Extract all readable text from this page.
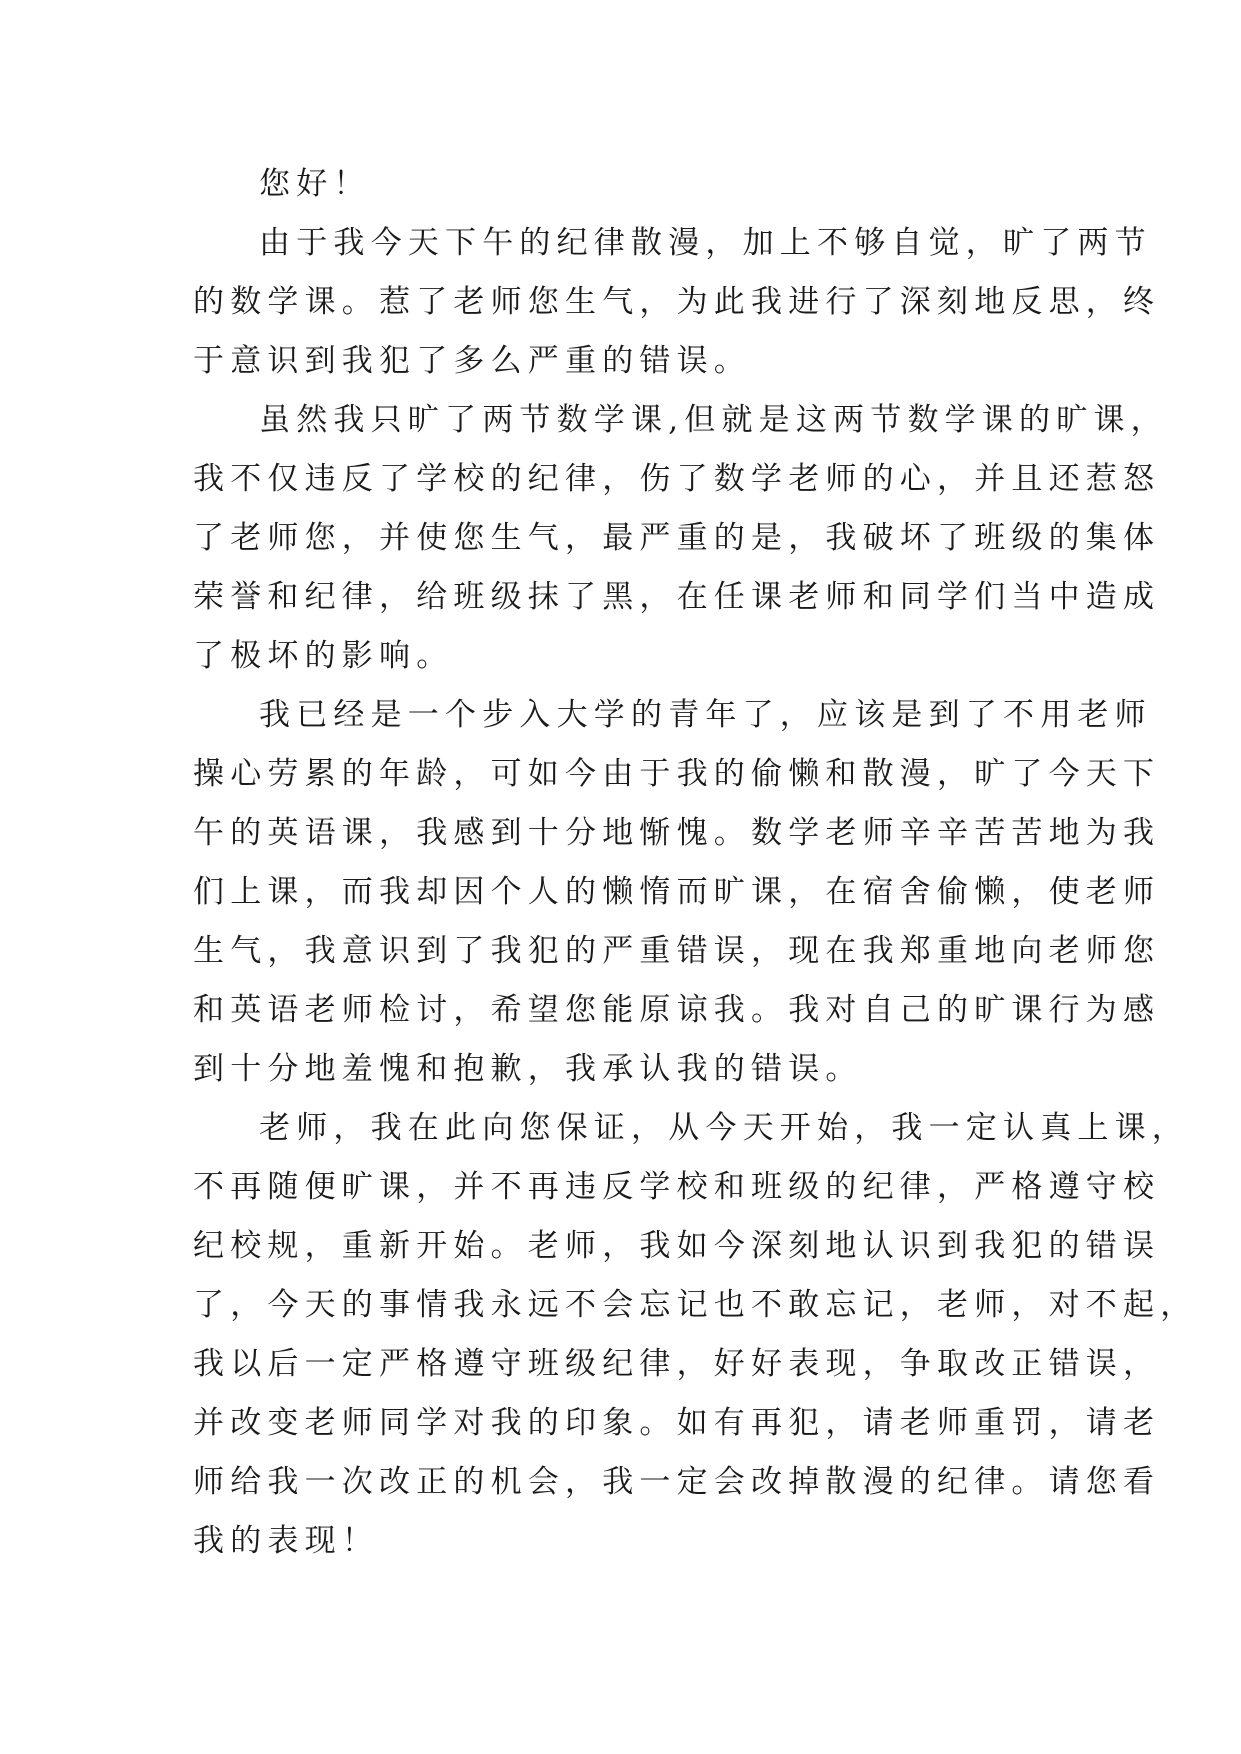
您好！

由于我今天下午的纪律散漫，加上不够自觉，旷了两节
的数学课。惹了老师您生气，为此我进行了深刻地反思，终
于意识到我犯了多么严重的错误。

虽然我只旷了两节数学课,但就是这两节数学课的旷课，
我不仅违反了学校的纪律，伤了数学老师的心，并且还惹怒
了老师您，并使您生气，最严重的是，我破坏了班级的集体
荣誉和纪律，给班级抹了黑，在任课老师和同学们当中造成
了极坏的影响。

我已经是一个步入大学的青年了，应该是到了不用老师
操心劳累的年龄，可如今由于我的偷懒和散漫，旷了今天下
午的英语课，我感到十分地惭愧。数学老师辛辛苦苦地为我
们上课，而我却因个人的懒惰而旷课，在宿舍偷懒，使老师
生气，我意识到了我犯的严重错误，现在我郑重地向老师您
和英语老师检讨，希望您能原谅我。我对自己的旷课行为感
到十分地羞愧和抱歉，我承认我的错误。

老师，我在此向您保证，从今天开始，我一定认真上课，
不再随便旷课，并不再违反学校和班级的纪律，严格遵守校
纪校规，重新开始。老师，我如今深刻地认识到我犯的错误
了，今天的事情我永远不会忘记也不敢忘记，老师，对不起，
我以后一定严格遵守班级纪律，好好表现，争取改正错误，
并改变老师同学对我的印象。如有再犯，请老师重罚，请老
师给我一次改正的机会，我一定会改掉散漫的纪律。请您看
我的表现！
